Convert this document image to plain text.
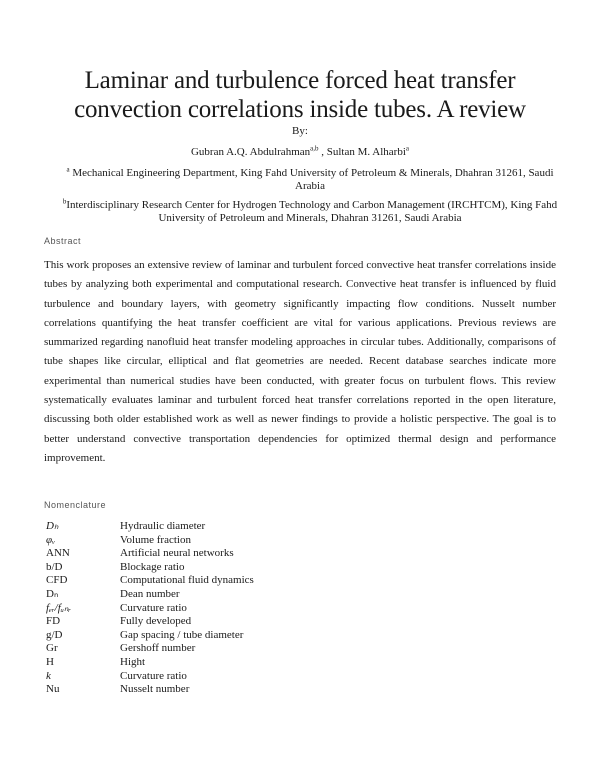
Laminar and turbulence forced heat transfer convection correlations inside tubes. A review
By:
Gubran A.Q. Abdulrahman$^{a,b}$ , Sultan M. Alharbi$^a$
$^a$ Mechanical Engineering Department, King Fahd University of Petroleum & Minerals, Dhahran 31261, Saudi Arabia
$^b$Interdisciplinary Research Center for Hydrogen Technology and Carbon Management (IRCHTCM), King Fahd University of Petroleum and Minerals, Dhahran 31261, Saudi Arabia
Abstract
This work proposes an extensive review of laminar and turbulent forced convective heat transfer correlations inside tubes by analyzing both experimental and computational research. Convective heat transfer is influenced by fluid turbulence and boundary layers, with geometry significantly impacting flow conditions. Nusselt number correlations quantifying the heat transfer coefficient are vital for various applications. Previous reviews are summarized regarding nanofluid heat transfer modeling approaches in circular tubes. Additionally, comparisons of tube shapes like circular, elliptical and flat geometries are needed. Recent database searches indicate more experimental than numerical studies have been conducted, with greater focus on turbulent flows. This review systematically evaluates laminar and turbulent forced heat transfer correlations reported in the open literature, discussing both older established work as well as newer findings to provide a holistic perspective. The goal is to better understand convective transportation dependencies for optimized thermal design and performance improvement.
Nomenclature
Dₕ	Hydraulic diameter
φᵥ	Volume fraction
ANN	Artificial neural networks
b/D	Blockage ratio
CFD	Computational fluid dynamics
Dₙ	Dean number
fₑᵣ/fᵤₙᵣ	Curvature ratio
FD	Fully developed
g/D	Gap spacing / tube diameter
Gr	Gershoff number
H	Hight
k	Curvature ratio
Nu	Nusselt number
